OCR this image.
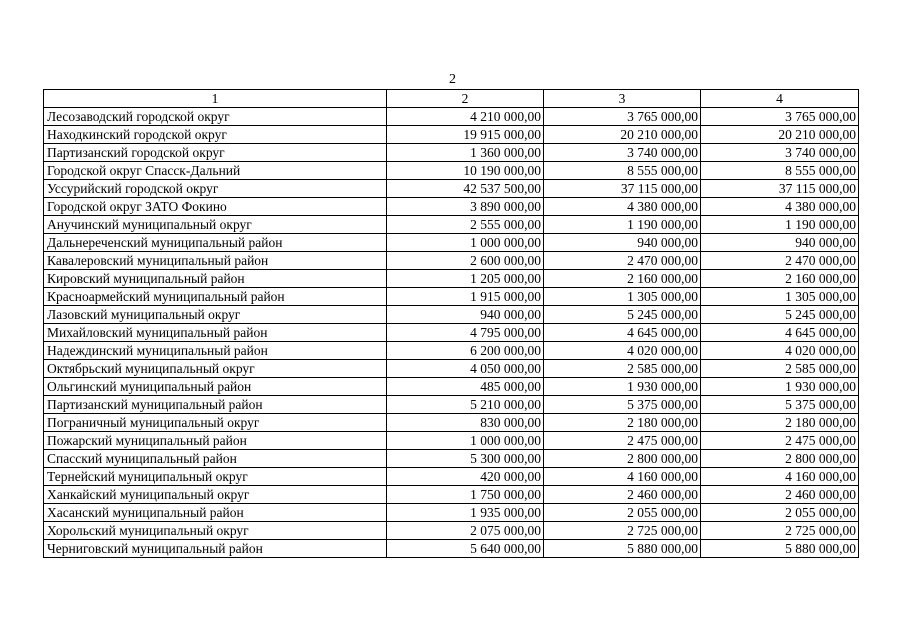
2
1	2	3	4
Лесозаводский городской округ	4 210 000,00	3 765 000,00	3 765 000,00
Находкинский городской округ	19 915 000,00	20 210 000,00	20 210 000,00
Партизанский городской округ	1 360 000,00	3 740 000,00	3 740 000,00
Городской округ Спасск-Дальний	10 190 000,00	8 555 000,00	8 555 000,00
Уссурийский городской округ	42 537 500,00	37 115 000,00	37 115 000,00
Городской округ ЗАТО Фокино	3 890 000,00	4 380 000,00	4 380 000,00
Анучинский муниципальный округ	2 555 000,00	1 190 000,00	1 190 000,00
Дальнереченский муниципальный район	1 000 000,00	940 000,00	940 000,00
Кавалеровский муниципальный район	2 600 000,00	2 470 000,00	2 470 000,00
Кировский муниципальный район	1 205 000,00	2 160 000,00	2 160 000,00
Красноармейский муниципальный район	1 915 000,00	1 305 000,00	1 305 000,00
Лазовский муниципальный округ	940 000,00	5 245 000,00	5 245 000,00
Михайловский муниципальный район	4 795 000,00	4 645 000,00	4 645 000,00
Надеждинский муниципальный район	6 200 000,00	4 020 000,00	4 020 000,00
Октябрьский муниципальный округ	4 050 000,00	2 585 000,00	2 585 000,00
Ольгинский муниципальный район	485 000,00	1 930 000,00	1 930 000,00
Партизанский муниципальный район	5 210 000,00	5 375 000,00	5 375 000,00
Пограничный муниципальный округ	830 000,00	2 180 000,00	2 180 000,00
Пожарский муниципальный район	1 000 000,00	2 475 000,00	2 475 000,00
Спасский муниципальный район	5 300 000,00	2 800 000,00	2 800 000,00
Тернейский муниципальный округ	420 000,00	4 160 000,00	4 160 000,00
Ханкайский муниципальный округ	1 750 000,00	2 460 000,00	2 460 000,00
Хасанский муниципальный район	1 935 000,00	2 055 000,00	2 055 000,00
Хорольский муниципальный округ	2 075 000,00	2 725 000,00	2 725 000,00
Черниговский муниципальный район	5 640 000,00	5 880 000,00	5 880 000,00
